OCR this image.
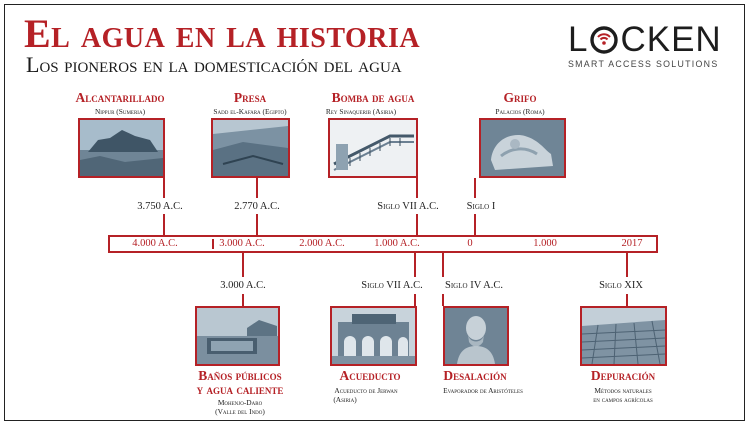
El agua en la historia
Los pioneros en la domesticación del agua
L CKEN
SMART ACCESS SOLUTIONS
Alcantarillado
Nippur (Sumeria)
3.750 A.C.
Presa
Sadd el-Kafara (Egipto)
2.770 A.C.
Bomba de agua
Rey Sinaquerib (Asiria)
Siglo VII A.C.
Grifo
Palacios (Roma)
Siglo I
4.000 A.C.	3.000 A.C.	2.000 A.C.	1.000 A.C.	0	1.000	2017
3.000 A.C.
Baños públicos
y agua caliente
Mohenjo-Daro
(Valle del Indo)
Siglo VII A.C.
Acueducto
Acueducto de Jerwan
(Asiria)
Siglo IV A.C.
Desalación
Evaporador de Aristóteles
Siglo XIX
Depuración
Métodos naturales
en campos agrícolas
